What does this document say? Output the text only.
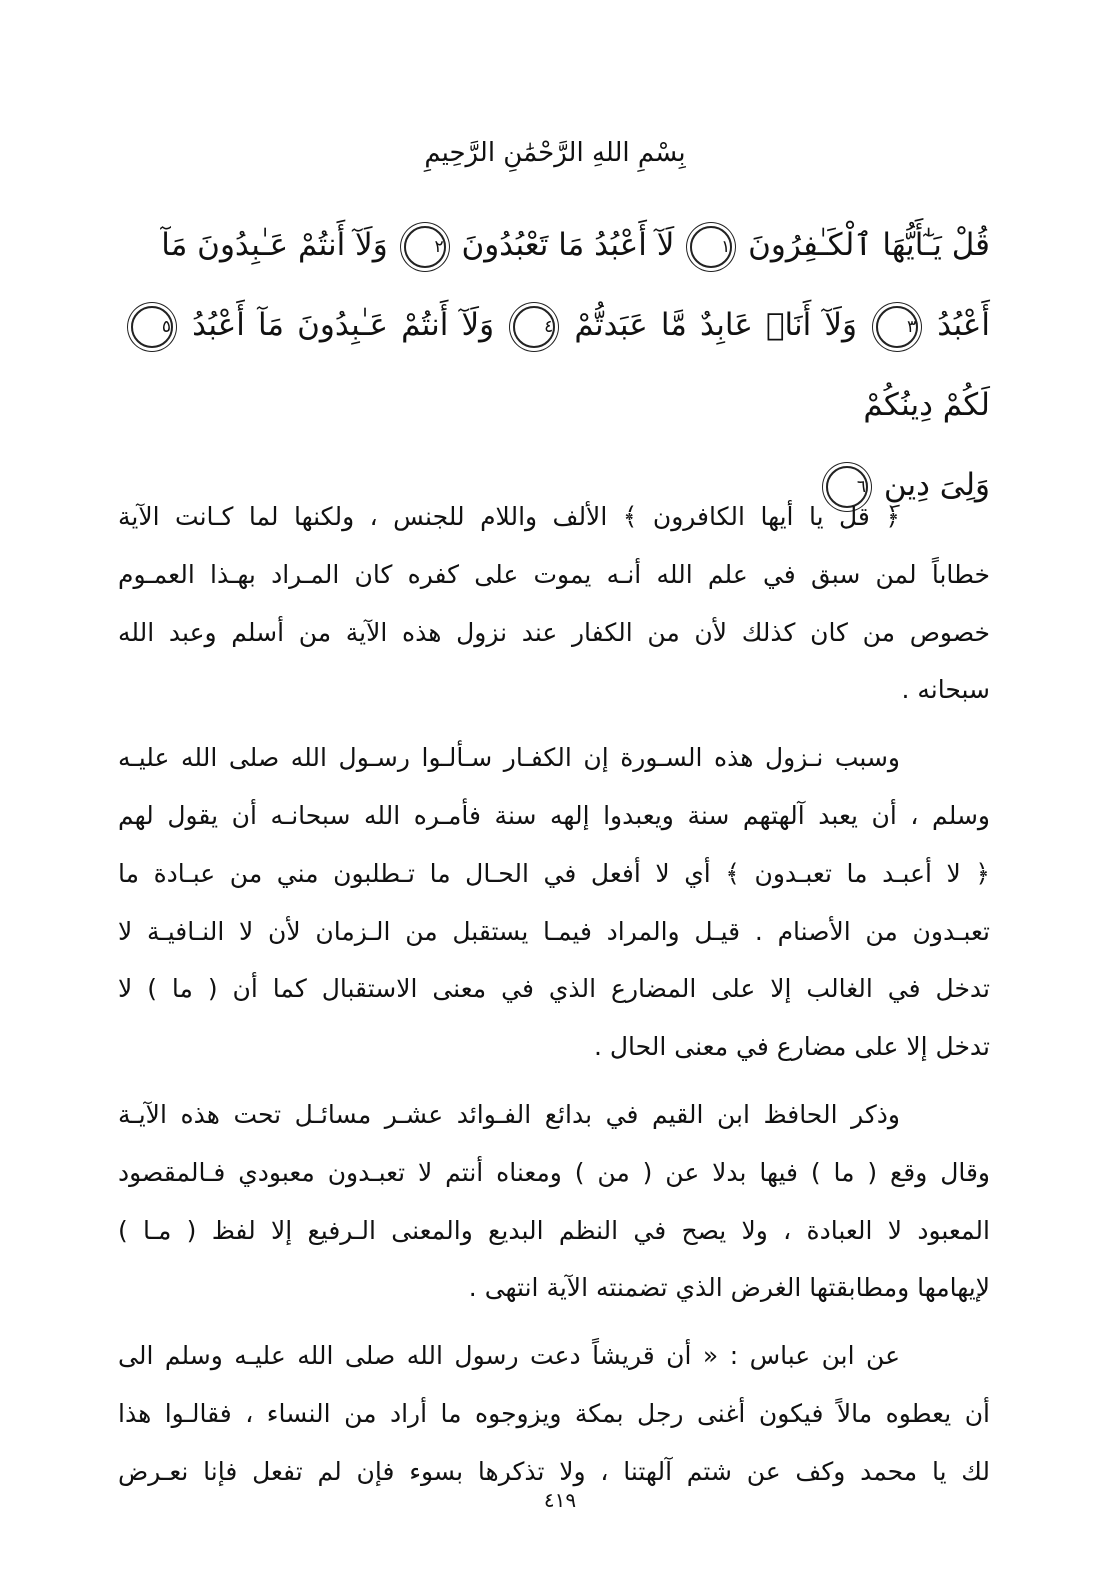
بِسْمِ اللهِ الرَّحْمَٰنِ الرَّحِيمِ
قُلْ يَـٰٓأَيُّهَا ٱلْكَـٰفِرُونَ ١ لَآ أَعْبُدُ مَا تَعْبُدُونَ ٢ وَلَآ أَنتُمْ عَـٰبِدُونَ مَآ
أَعْبُدُ ٣ وَلَآ أَنَا۠ عَابِدٌ مَّا عَبَدتُّمْ ٤ وَلَآ أَنتُمْ عَـٰبِدُونَ مَآ أَعْبُدُ ٥ لَكُمْ دِينُكُمْ
وَلِىَ دِينِ ٦
﴿ قل يا أيها الكافرون ﴾ الألف واللام للجنس ، ولكنها لما كـانت الآية
خطاباً لمن سبق في علم الله أنـه يموت على كفره كان المـراد بهـذا العمـوم
خصوص من كان كذلك لأن من الكفار عند نزول هذه الآية من أسلم وعبد الله
سبحانه .
وسبب نـزول هذه السـورة إن الكفـار سـألـوا رسـول الله صلى الله عليـه
وسلم ، أن يعبد آلهتهم سنة ويعبدوا إلهه سنة فأمـره الله سبحانـه أن يقول لهم
﴿ لا أعبـد ما تعبـدون ﴾ أي لا أفعل في الحـال ما تـطلبون مني من عبـادة ما
تعبـدون من الأصنام . قيـل والمراد فيمـا يستقبل من الـزمان لأن لا النـافيـة لا
تدخل في الغالب إلا على المضارع الذي في معنى الاستقبال كما أن ( ما ) لا
تدخل إلا على مضارع في معنى الحال .
وذكر الحافظ ابن القيم في بدائع الفـوائد عشـر مسائـل تحت هذه الآيـة
وقال وقع ( ما ) فيها بدلا عن ( من ) ومعناه أنتم لا تعبـدون معبودي فـالمقصود
المعبود لا العبادة ، ولا يصح في النظم البديع والمعنى الـرفيع إلا لفظ ( مـا )
لإيهامها ومطابقتها الغرض الذي تضمنته الآية انتهى .
عن ابن عباس : « أن قريشاً دعت رسول الله صلى الله عليـه وسلم الى
أن يعطوه مالاً فيكون أغنى رجل بمكة ويزوجوه ما أراد من النساء ، فقالـوا هذا
لك يا محمد وكف عن شتم آلهتنا ، ولا تذكرها بسوء فإن لم تفعل فإنا نعـرض
٤١٩
